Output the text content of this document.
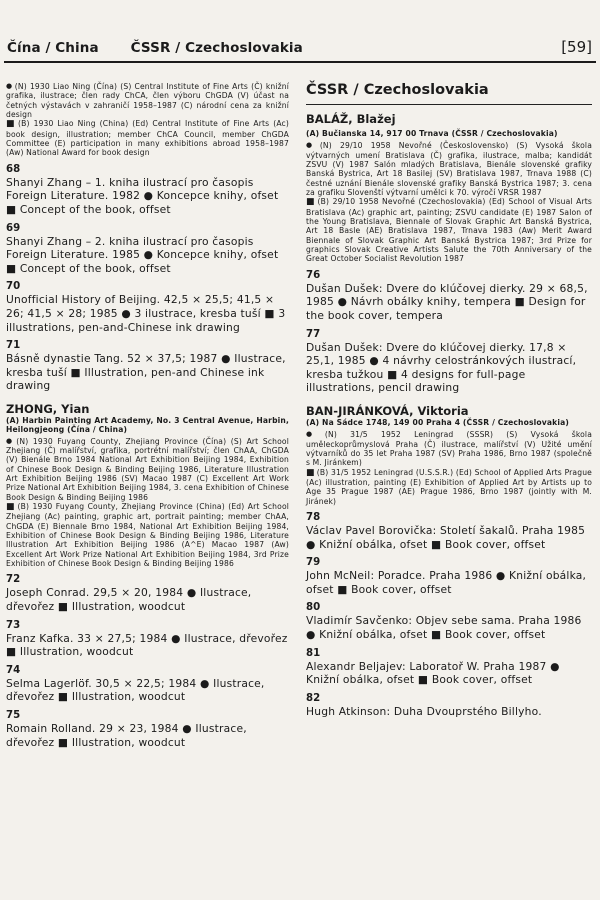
Čína / China ČSSR / Czechoslovakia	[59]

● (N) 1930 Liao Ning (Čína) (S) Central Institute of Fine Arts (Č) knižní grafika, ilustrace; člen rady ChCA, člen výboru ChGDA (V) účast na četných výstavách v zahraničí 1958–1987 (C) národní cena za knižní design

■ (B) 1930 Liao Ning (China) (Ed) Central Institute of Fine Arts (Ac) book design, illustration; member ChCA Council, member ChGDA Committee (E) participation in many exhibitions abroad 1958–1987 (Aw) National Award for book design

68
Shanyi Zhang – 1. kniha ilustrací pro časopis Foreign Literature. 1982 ● Koncepce knihy, ofset ■ Concept of the book, offset
69
Shanyi Zhang – 2. kniha ilustrací pro časopis Foreign Literature. 1985 ● Koncepce knihy, ofset ■ Concept of the book, offset
70
Unofficial History of Beijing. 42,5 × 25,5; 41,5 × 26; 41,5 × 28; 1985 ● 3 ilustrace, kresba tuší ■ 3 illustrations, pen-and-Chinese ink drawing
71
Básně dynastie Tang. 52 × 37,5; 1987 ● Ilustrace, kresba tuší ■ Illustration, pen-and Chinese ink drawing
ZHONG, Yian

(A) Harbin Painting Art Academy, No. 3 Central Avenue, Harbin, Heilongjeong (Čína / China)

● (N) 1930 Fuyang County, Zhejiang Province (Čína) (S) Art School Zhejiang (Č) malířství, grafika, portrétní malířství; člen ChAA, ChGDA (V) Bienále Brno 1984 National Art Exhibition Beijing 1984, Exhibition of Chinese Book Design & Binding Beijing 1986, Literature Illustration Art Exhibition Beijing 1986 (SV) Macao 1987 (C) Excellent Art Work Prize National Art Exhibition Beijing 1984, 3. cena Exhibition of Chinese Book Design & Binding Beijing 1986

■ (B) 1930 Fuyang County, Zhejiang Province (China) (Ed) Art School Zhejiang (Ac) painting, graphic art, portrait painting; member ChAA, ChGDA (E) Biennale Brno 1984, National Art Exhibition Beijing 1984, Exhibition of Chinese Book Design & Binding Beijing 1986, Literature Illustration Art Exhibition Beijing 1986 (A^E) Macao 1987 (Aw) Excellent Art Work Prize National Art Exhibition Beijing 1984, 3rd Prize Exhibition of Chinese Book Design & Binding Beijing 1986

72
Joseph Conrad. 29,5 × 20, 1984 ● Ilustrace, dřevořez ■ Illustration, woodcut
73
Franz Kafka. 33 × 27,5; 1984 ● Ilustrace, dřevořez ■ Illustration, woodcut
74
Selma Lagerlöf. 30,5 × 22,5; 1984 ● Ilustrace, dřevořez ■ Illustration, woodcut
75
Romain Rolland. 29 × 23, 1984 ● Ilustrace, dřevořez ■ Illustration, woodcut
ČSSR / Czechoslovakia
BALÁŽ, Blažej

(A) Bučianska 14, 917 00 Trnava (ČSSR / Czechoslovakia)

● (N) 29/10 1958 Nevořné (Československo) (S) Vysoká škola výtvarných umení Bratislava (Č) grafika, ilustrace, malba; kandidát ZSVU (V) 1987 Salón mladých Bratislava, Bienále slovenské grafiky Banská Bystrica, Art 18 Basilej (SV) Bratislava 1987, Trnava 1988 (C) čestné uznání Bienále slovenské grafiky Banská Bystrica 1987; 3. cena za grafiku Slovenští výtvarní umělci k 70. výročí VRSR 1987

■ (B) 29/10 1958 Nevořné (Czechoslovakia) (Ed) School of Visual Arts Bratislava (Ac) graphic art, painting; ZSVU candidate (E) 1987 Salon of the Young Bratislava, Biennale of Slovak Graphic Art Banská Bystrica, Art 18 Basle (AE) Bratislava 1987, Trnava 1983 (Aw) Merit Award Biennale of Slovak Graphic Art Banská Bystrica 1987; 3rd Prize for graphics Slovak Creative Artists Salute the 70th Anniversary of the Great October Socialist Revolution 1987

76
Dušan Dušek: Dvere do klúčovej dierky. 29 × 68,5, 1985 ● Návrh obálky knihy, tempera ■ Design for the book cover, tempera
77
Dušan Dušek: Dvere do klúčovej dierky. 17,8 × 25,1, 1985 ● 4 návrhy celostránkových ilustrací, kresba tužkou ■ 4 designs for full-page illustrations, pencil drawing
BAN-JIRÁNKOVÁ, Viktoria

(A) Na Sádce 1748, 149 00 Praha 4 (ČSSR / Czechoslovakia)

● (N) 31/5 1952 Leningrad (SSSR) (S) Vysoká škola uměleckoprůmyslová Praha (Č) ilustrace, malířství (V) Užité umění výtvarníků do 35 let Praha 1987 (SV) Praha 1986, Brno 1987 (společně s M. Jiránkem)

■ (B) 31/5 1952 Leningrad (U.S.S.R.) (Ed) School of Applied Arts Prague (Ac) illustration, painting (E) Exhibition of Applied Art by Artists up to Age 35 Prague 1987 (AE) Prague 1986, Brno 1987 (jointly with M. Jiránek)

78
Václav Pavel Borovička: Století šakalů. Praha 1985 ● Knižní obálka, ofset ■ Book cover, offset
79
John McNeil: Poradce. Praha 1986 ● Knižní obálka, ofset ■ Book cover, offset
80
Vladimír Savčenko: Objev sebe sama. Praha 1986 ● Knižní obálka, ofset ■ Book cover, offset
81
Alexandr Beljajev: Laboratoř W. Praha 1987 ● Knižní obálka, ofset ■ Book cover, offset
82
Hugh Atkinson: Duha Dvouprstého Billyho.
